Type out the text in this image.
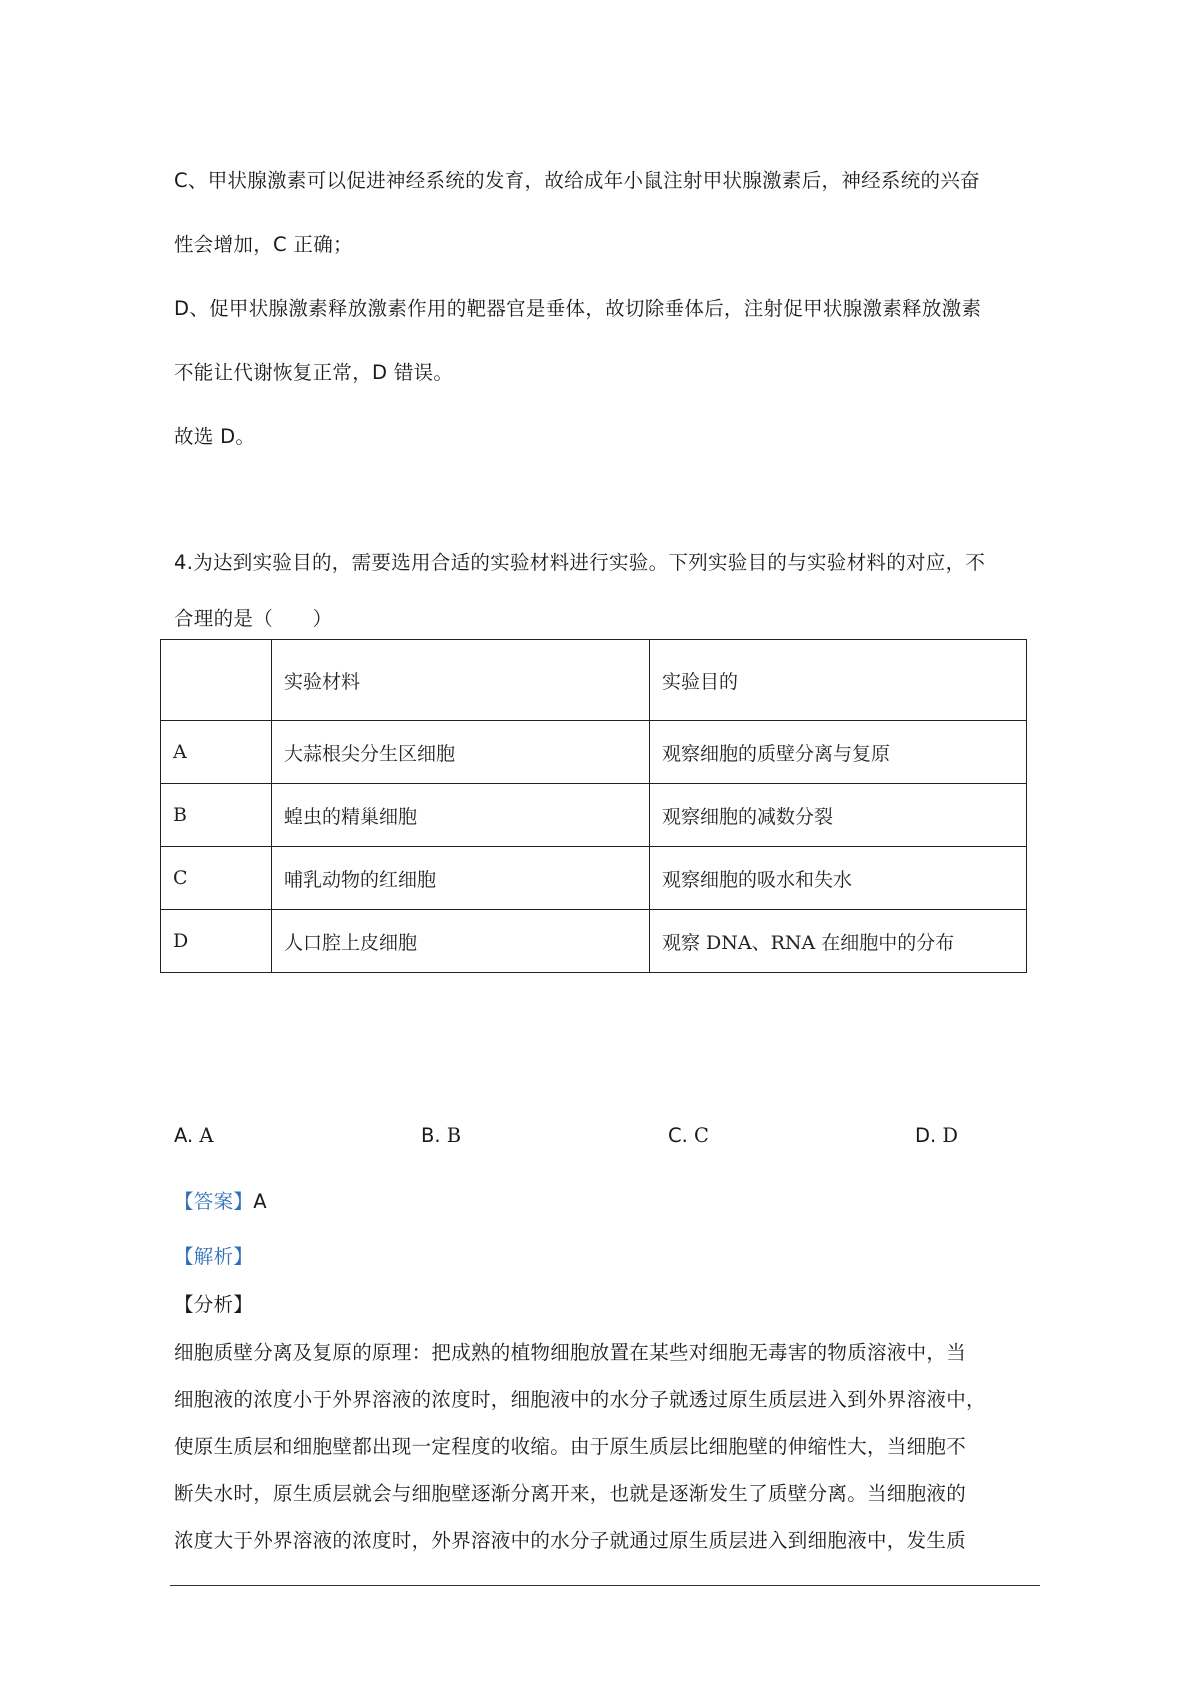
C、甲状腺激素可以促进神经系统的发育，故给成年小鼠注射甲状腺激素后，神经系统的兴奋
性会增加，C 正确；
D、促甲状腺激素释放激素作用的靶器官是垂体，故切除垂体后，注射促甲状腺激素释放激素
不能让代谢恢复正常，D 错误。
故选 D。
4.为达到实验目的，需要选用合适的实验材料进行实验。下列实验目的与实验材料的对应，不
合理的是（　　）
	实验材料	实验目的
A	大蒜根尖分生区细胞	观察细胞的质壁分离与复原
B	蝗虫的精巢细胞	观察细胞的减数分裂
C	哺乳动物的红细胞	观察细胞的吸水和失水
D	人口腔上皮细胞	观察 DNA、RNA 在细胞中的分布
A. A	B. B	C. C	D. D
【答案】A
【解析】
【分析】
细胞质壁分离及复原的原理：把成熟的植物细胞放置在某些对细胞无毒害的物质溶液中，当
细胞液的浓度小于外界溶液的浓度时，细胞液中的水分子就透过原生质层进入到外界溶液中，
使原生质层和细胞壁都出现一定程度的收缩。由于原生质层比细胞壁的伸缩性大，当细胞不
断失水时，原生质层就会与细胞壁逐渐分离开来，也就是逐渐发生了质壁分离。当细胞液的
浓度大于外界溶液的浓度时，外界溶液中的水分子就通过原生质层进入到细胞液中，发生质
